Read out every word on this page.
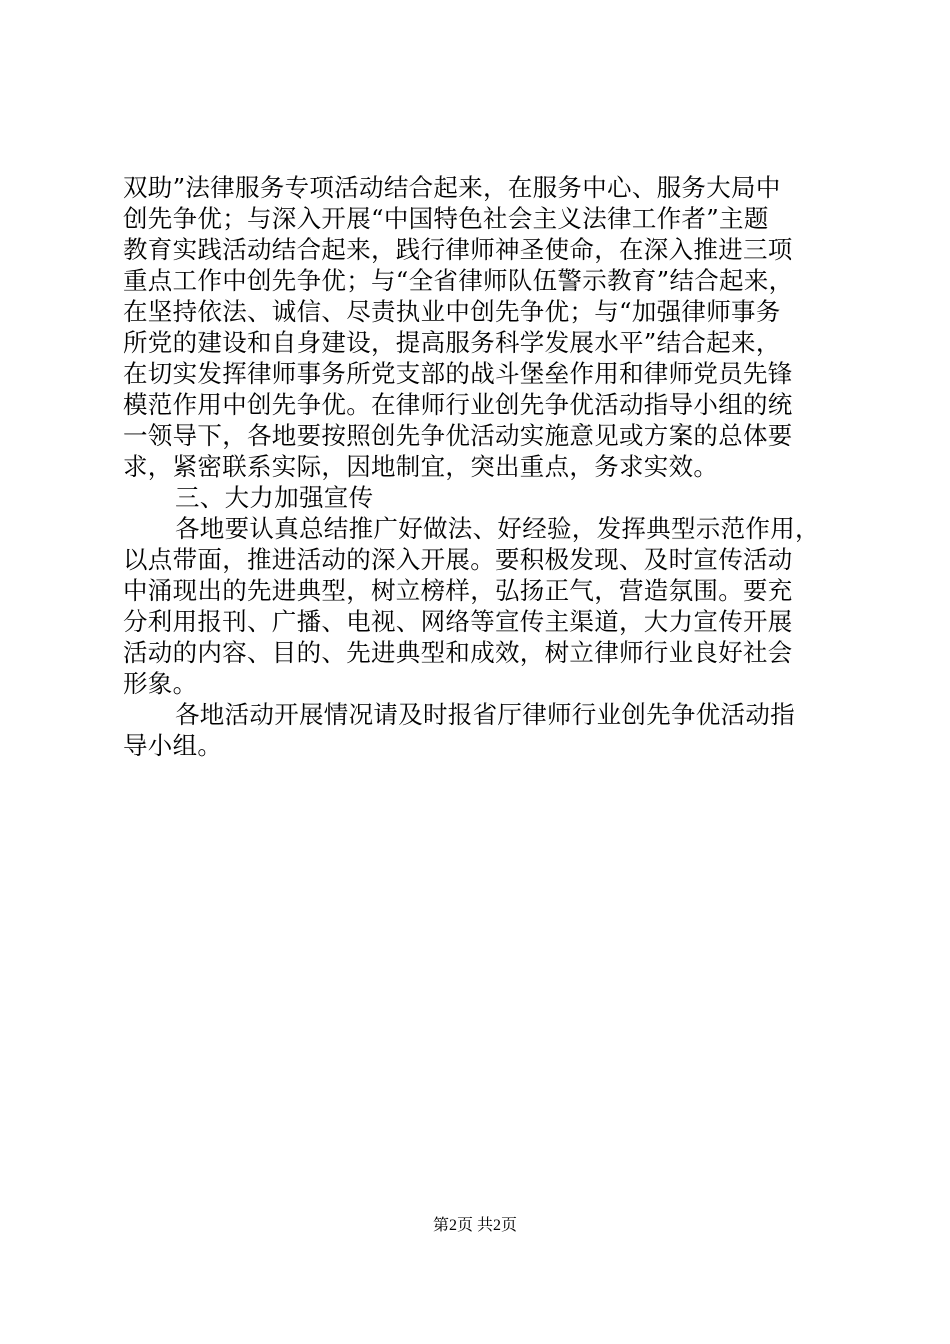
双助”法律服务专项活动结合起来，在服务中心、服务大局中
创先争优；与深入开展“中国特色社会主义法律工作者”主题
教育实践活动结合起来，践行律师神圣使命，在深入推进三项
重点工作中创先争优；与“全省律师队伍警示教育”结合起来，
在坚持依法、诚信、尽责执业中创先争优；与“加强律师事务
所党的建设和自身建设，提高服务科学发展水平”结合起来，
在切实发挥律师事务所党支部的战斗堡垒作用和律师党员先锋
模范作用中创先争优。在律师行业创先争优活动指导小组的统
一领导下，各地要按照创先争优活动实施意见或方案的总体要
求，紧密联系实际，因地制宜，突出重点，务求实效。
三、大力加强宣传
各地要认真总结推广好做法、好经验，发挥典型示范作用，
以点带面，推进活动的深入开展。要积极发现、及时宣传活动
中涌现出的先进典型，树立榜样，弘扬正气，营造氛围。要充
分利用报刊、广播、电视、网络等宣传主渠道，大力宣传开展
活动的内容、目的、先进典型和成效，树立律师行业良好社会
形象。
各地活动开展情况请及时报省厅律师行业创先争优活动指
导小组。
第2页 共2页
